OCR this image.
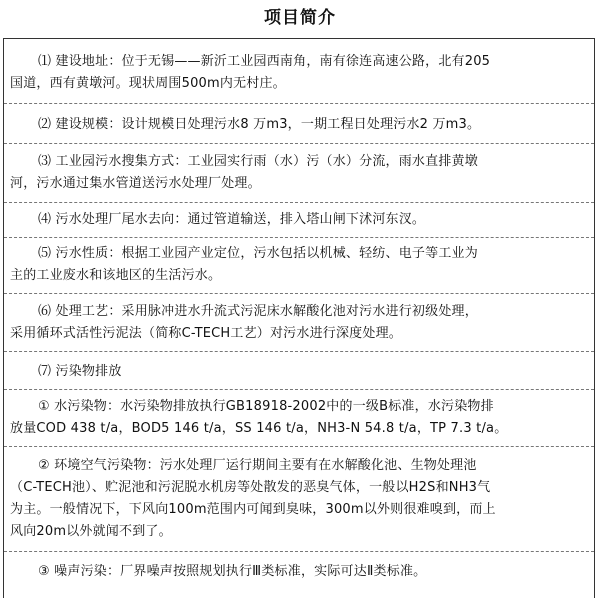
项目简介
⑴ 建设地址：位于无锡——新沂工业园西南角，南有徐连高速公路，北有205
国道，西有黄墩河。现状周围500m内无村庄。
⑵ 建设规模：设计规模日处理污水8 万m3，一期工程日处理污水2 万m3。
⑶ 工业园污水搜集方式：工业园实行雨（水）污（水）分流，雨水直排黄墩
河，污水通过集水管道送污水处理厂处理。
⑷ 污水处理厂尾水去向：通过管道输送，排入塔山闸下沭河东汊。
⑸ 污水性质：根据工业园产业定位，污水包括以机械、轻纺、电子等工业为
主的工业废水和该地区的生活污水。
⑹ 处理工艺：采用脉冲进水升流式污泥床水解酸化池对污水进行初级处理，
采用循环式活性污泥法（简称C-TECH工艺）对污水进行深度处理。
⑺ 污染物排放
① 水污染物：水污染物排放执行GB18918-2002中的一级B标准，水污染物排
放量COD 438 t/a，BOD5 146 t/a，SS 146 t/a，NH3-N 54.8 t/a，TP 7.3 t/a。
② 环境空气污染物：污水处理厂运行期间主要有在水解酸化池、生物处理池
（C-TECH池）、贮泥池和污泥脱水机房等处散发的恶臭气体，一般以H2S和NH3气
为主。一般情况下，下风向100m范围内可闻到臭味，300m以外则很难嗅到，而上
风向20m以外就闻不到了。
③ 噪声污染：厂界噪声按照规划执行Ⅲ类标准，实际可达Ⅱ类标准。
